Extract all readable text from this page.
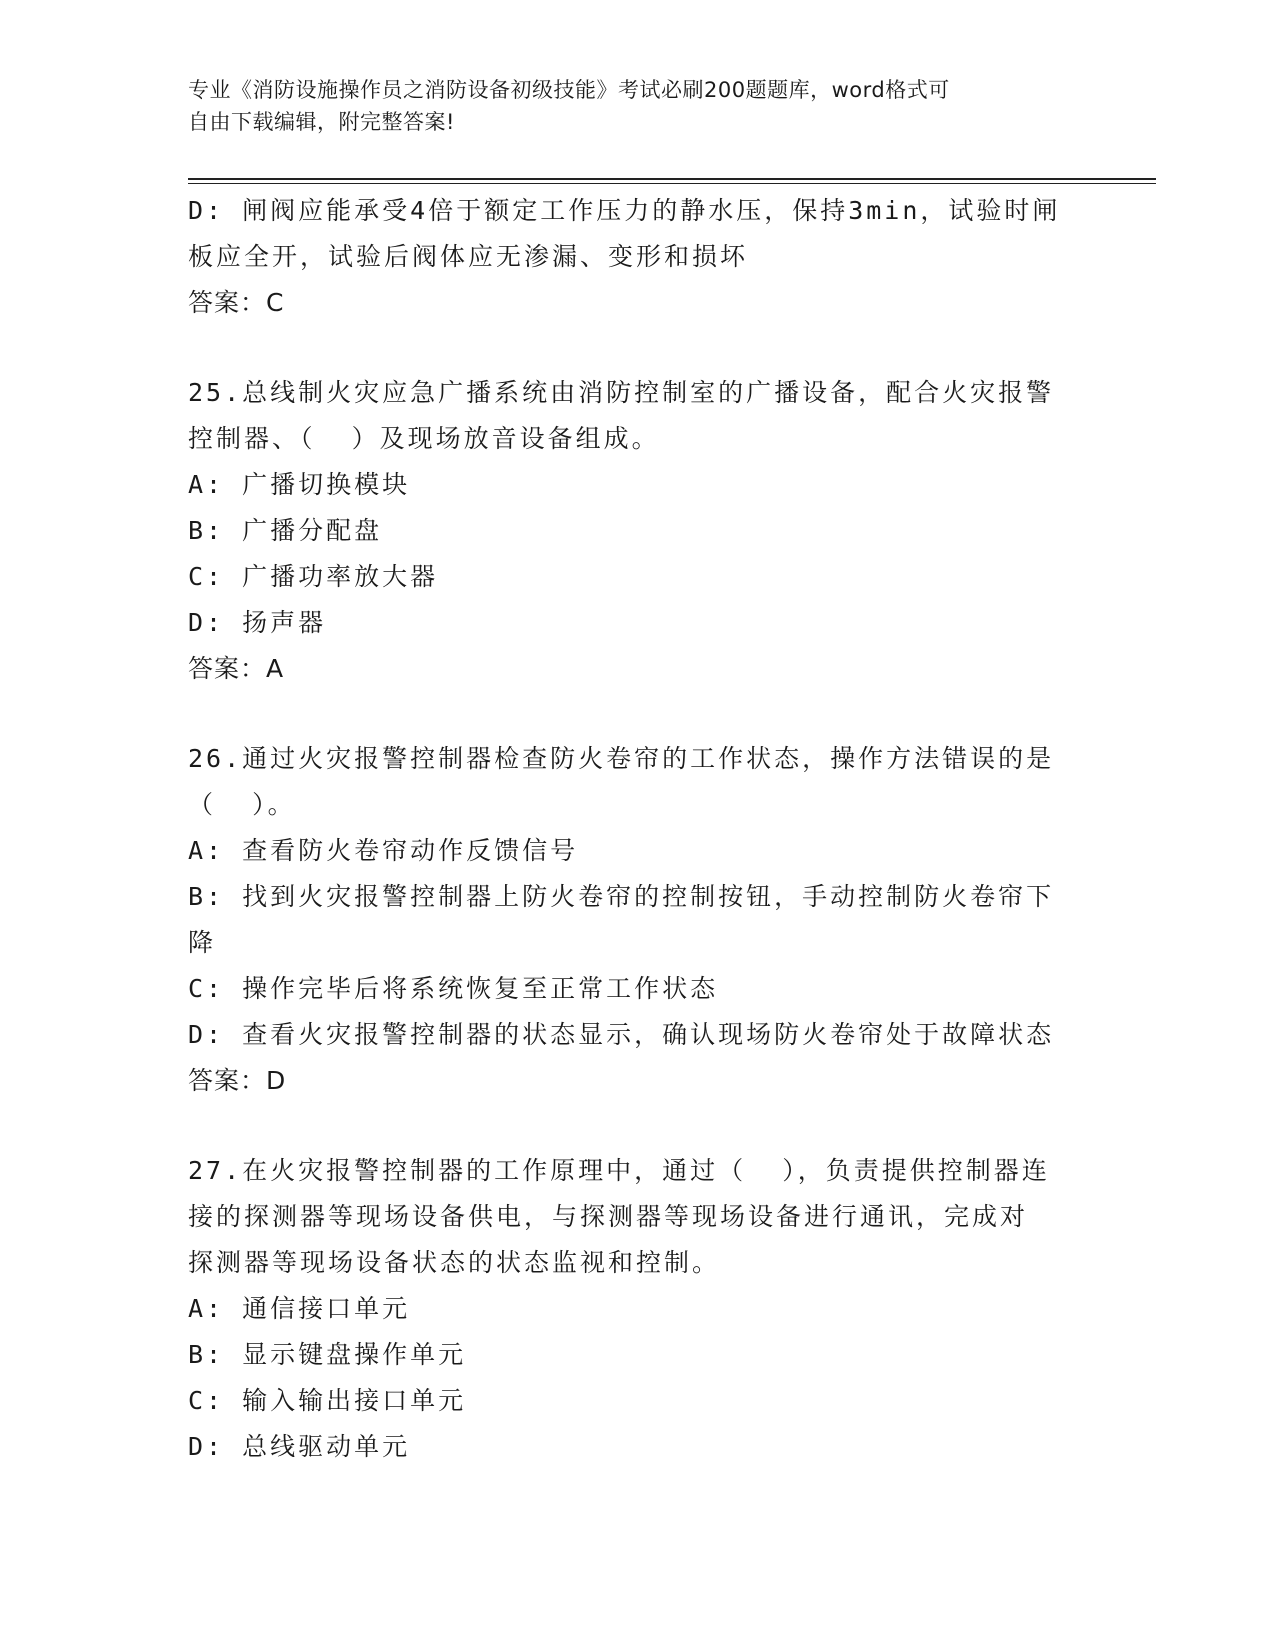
专业《消防设施操作员之消防设备初级技能》考试必刷200题题库，word格式可
自由下载编辑，附完整答案!
D: 闸阀应能承受4倍于额定工作压力的静水压，保持3min，试验时闸
板应全开，试验后阀体应无渗漏、变形和损坏
答案：C
25.总线制火灾应急广播系统由消防控制室的广播设备，配合火灾报警
控制器、（  ）及现场放音设备组成。
A: 广播切换模块
B: 广播分配盘
C: 广播功率放大器
D: 扬声器
答案：A
26.通过火灾报警控制器检查防火卷帘的工作状态，操作方法错误的是
（  ）。
A: 查看防火卷帘动作反馈信号
B: 找到火灾报警控制器上防火卷帘的控制按钮，手动控制防火卷帘下
降
C: 操作完毕后将系统恢复至正常工作状态
D: 查看火灾报警控制器的状态显示，确认现场防火卷帘处于故障状态
答案：D
27.在火灾报警控制器的工作原理中，通过（  ），负责提供控制器连
接的探测器等现场设备供电，与探测器等现场设备进行通讯，完成对
探测器等现场设备状态的状态监视和控制。
A: 通信接口单元
B: 显示键盘操作单元
C: 输入输出接口单元
D: 总线驱动单元
